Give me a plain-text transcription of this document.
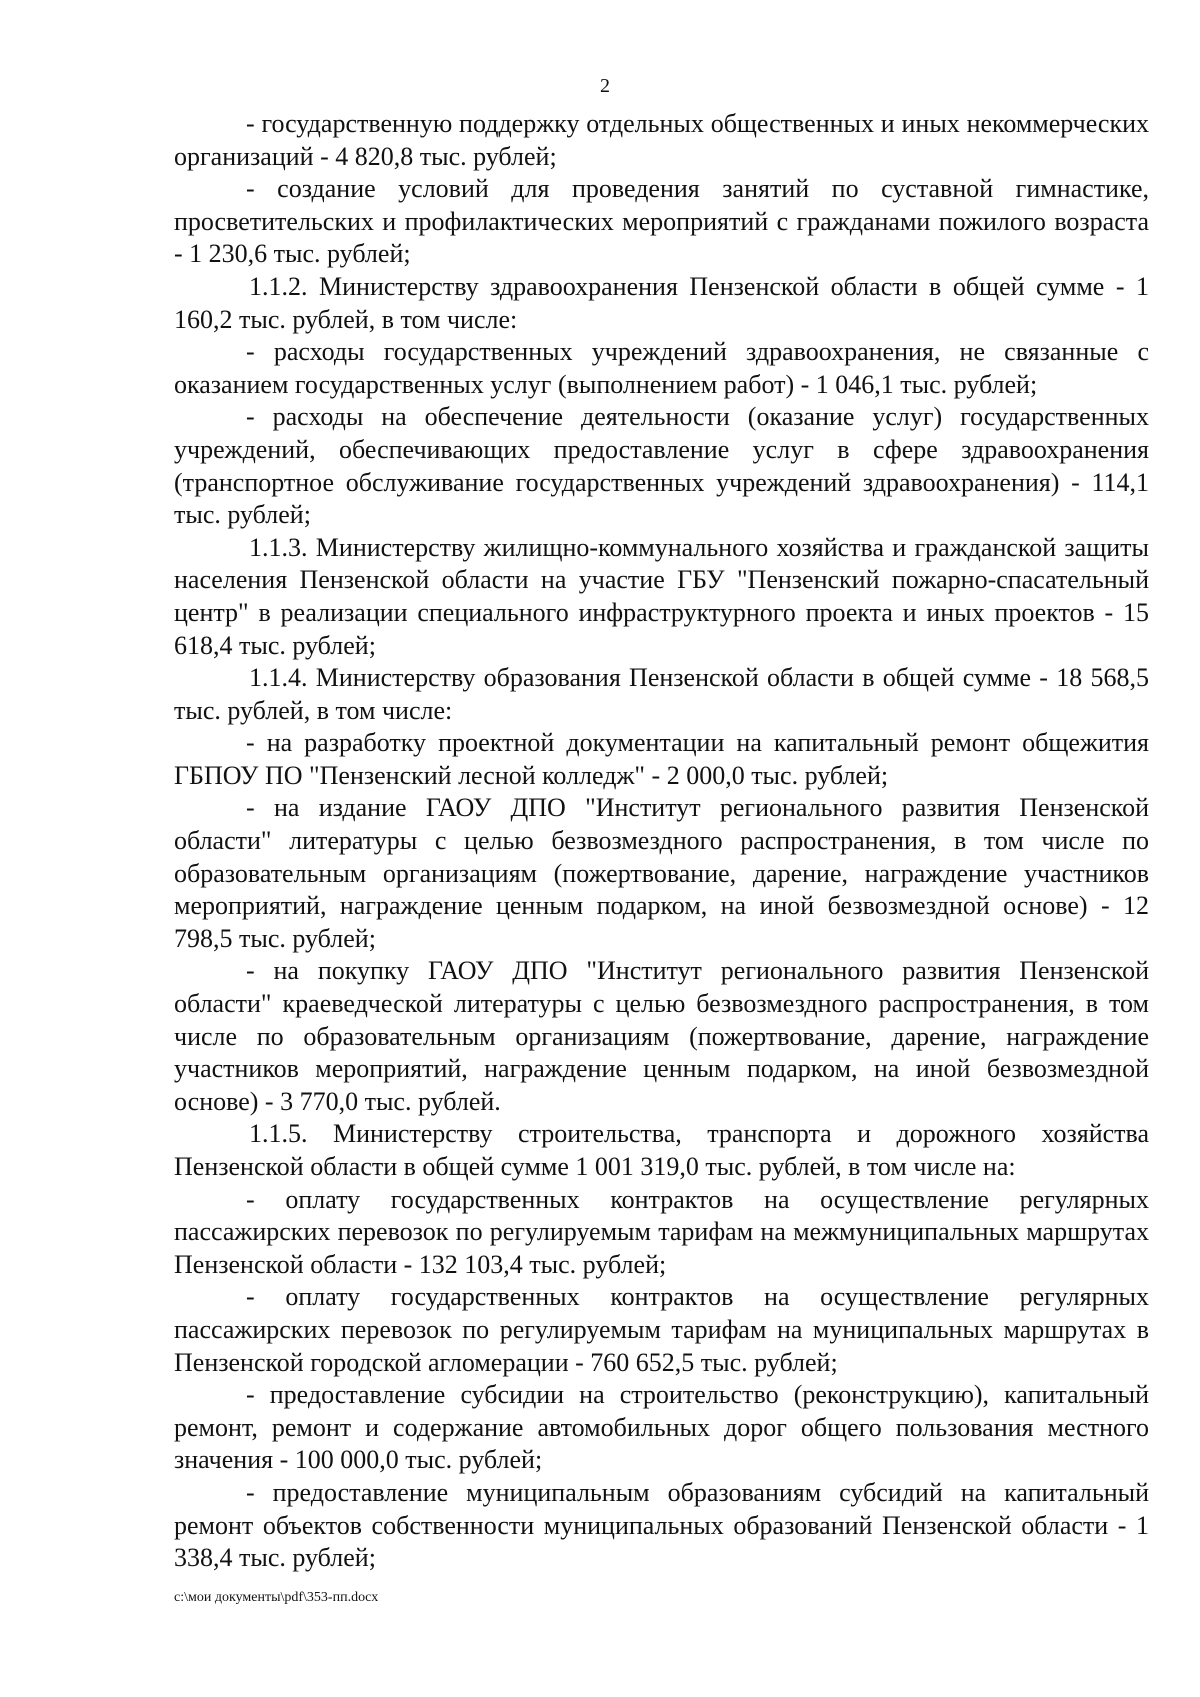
2

- государственную поддержку отдельных общественных и иных некоммерческих организаций - 4 820,8 тыс. рублей;

- создание условий для проведения занятий по суставной гимнастике, просветительских и профилактических мероприятий с гражданами пожилого возраста - 1 230,6 тыс. рублей;

1.1.2. Министерству здравоохранения Пензенской области в общей сумме - 1 160,2 тыс. рублей, в том числе:

- расходы государственных учреждений здравоохранения, не связанные с оказанием государственных услуг (выполнением работ) - 1 046,1 тыс. рублей;

- расходы на обеспечение деятельности (оказание услуг) государственных учреждений, обеспечивающих предоставление услуг в сфере здравоохранения (транспортное обслуживание государственных учреждений здравоохранения) - 114,1 тыс. рублей;

1.1.3. Министерству жилищно-коммунального хозяйства и гражданской защиты населения Пензенской области на участие ГБУ "Пензенский пожарно-спасательный центр" в реализации специального инфраструктурного проекта и иных проектов - 15 618,4 тыс. рублей;

1.1.4. Министерству образования Пензенской области в общей сумме - 18 568,5 тыс. рублей, в том числе:

- на разработку проектной документации на капитальный ремонт общежития ГБПОУ ПО "Пензенский лесной колледж" - 2 000,0 тыс. рублей;

- на издание ГАОУ ДПО "Институт регионального развития Пензенской области" литературы с целью безвозмездного распространения, в том числе по образовательным организациям (пожертвование, дарение, награждение участников мероприятий, награждение ценным подарком, на иной безвозмездной основе) - 12 798,5 тыс. рублей;

- на покупку ГАОУ ДПО "Институт регионального развития Пензенской области" краеведческой литературы с целью безвозмездного распространения, в том числе по образовательным организациям (пожертвование, дарение, награждение участников мероприятий, награждение ценным подарком, на иной безвозмездной основе) - 3 770,0 тыс. рублей.

1.1.5. Министерству строительства, транспорта и дорожного хозяйства Пензенской области в общей сумме 1 001 319,0 тыс. рублей, в том числе на:

- оплату государственных контрактов на осуществление регулярных пассажирских перевозок по регулируемым тарифам на межмуниципальных маршрутах Пензенской области - 132 103,4 тыс. рублей;

- оплату государственных контрактов на осуществление регулярных пассажирских перевозок по регулируемым тарифам на муниципальных маршрутах в Пензенской городской агломерации - 760 652,5 тыс. рублей;

- предоставление субсидии на строительство (реконструкцию), капитальный ремонт, ремонт и содержание автомобильных дорог общего пользования местного значения - 100 000,0 тыс. рублей;

- предоставление муниципальным образованиям субсидий на капитальный ремонт объектов собственности муниципальных образований Пензенской области - 1 338,4 тыс. рублей;

c:\мои документы\pdf\353-пп.docx
